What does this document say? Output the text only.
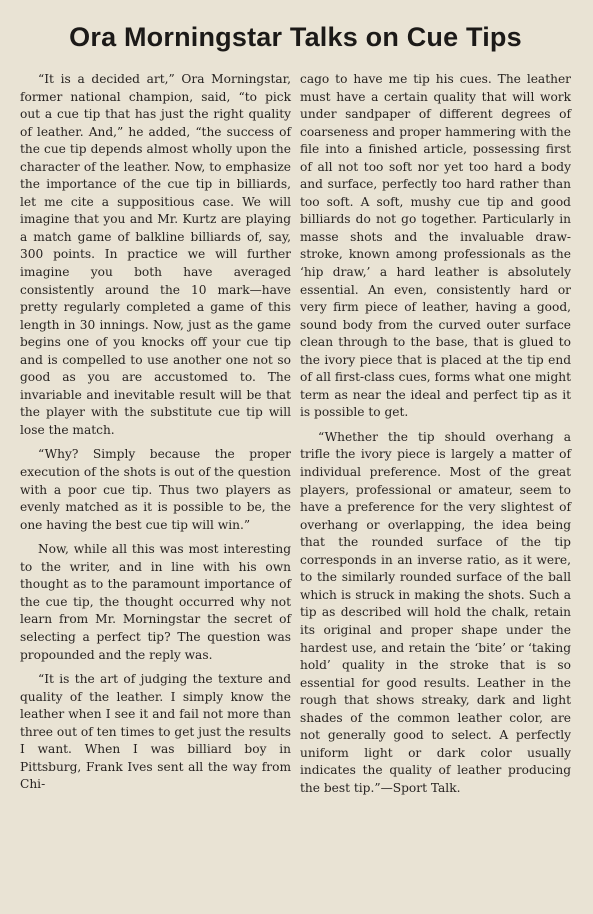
Ora Morningstar Talks on Cue Tips

“It is a decided art,” Ora Morningstar, former national champion, said, “to pick out a cue tip that has just the right quality of leather. And,” he added, “the success of the cue tip depends almost wholly upon the character of the leather. Now, to emphasize the importance of the cue tip in billiards, let me cite a suppositious case. We will imagine that you and Mr. Kurtz are playing a match game of balkline billiards of, say, 300 points. In practice we will further imagine you both have averaged consistently around the 10 mark—have pretty regularly completed a game of this length in 30 innings. Now, just as the game begins one of you knocks off your cue tip and is compelled to use another one not so good as you are accustomed to. The invariable and inevitable result will be that the player with the substitute cue tip will lose the match.

“Why? Simply because the proper execution of the shots is out of the question with a poor cue tip. Thus two players as evenly matched as it is possible to be, the one having the best cue tip will win.”

Now, while all this was most interesting to the writer, and in line with his own thought as to the paramount importance of the cue tip, the thought occurred why not learn from Mr. Morningstar the secret of selecting a perfect tip? The question was propounded and the reply was.

“It is the art of judging the texture and quality of the leather. I simply know the leather when I see it and fail not more than three out of ten times to get just the results I want. When I was billiard boy in Pittsburg, Frank Ives sent all the way from Chi-

cago to have me tip his cues. The leather must have a certain quality that will work under sandpaper of different degrees of coarseness and proper hammering with the file into a finished article, possessing first of all not too soft nor yet too hard a body and surface, perfectly too hard rather than too soft. A soft, mushy cue tip and good billiards do not go together. Particularly in masse shots and the invaluable draw-stroke, known among professionals as the ‘hip draw,’ a hard leather is absolutely essential. An even, consistently hard or very firm piece of leather, having a good, sound body from the curved outer surface clean through to the base, that is glued to the ivory piece that is placed at the tip end of all first-class cues, forms what one might term as near the ideal and perfect tip as it is possible to get.

“Whether the tip should overhang a trifle the ivory piece is largely a matter of individual preference. Most of the great players, professional or amateur, seem to have a preference for the very slightest of overhang or overlapping, the idea being that the rounded surface of the tip corresponds in an inverse ratio, as it were, to the similarly rounded surface of the ball which is struck in making the shots. Such a tip as described will hold the chalk, retain its original and proper shape under the hardest use, and retain the ‘bite’ or ‘taking hold’ quality in the stroke that is so essential for good results. Leather in the rough that shows streaky, dark and light shades of the common leather color, are not generally good to select. A perfectly uniform light or dark color usually indicates the quality of leather producing the best tip.”—Sport Talk.
